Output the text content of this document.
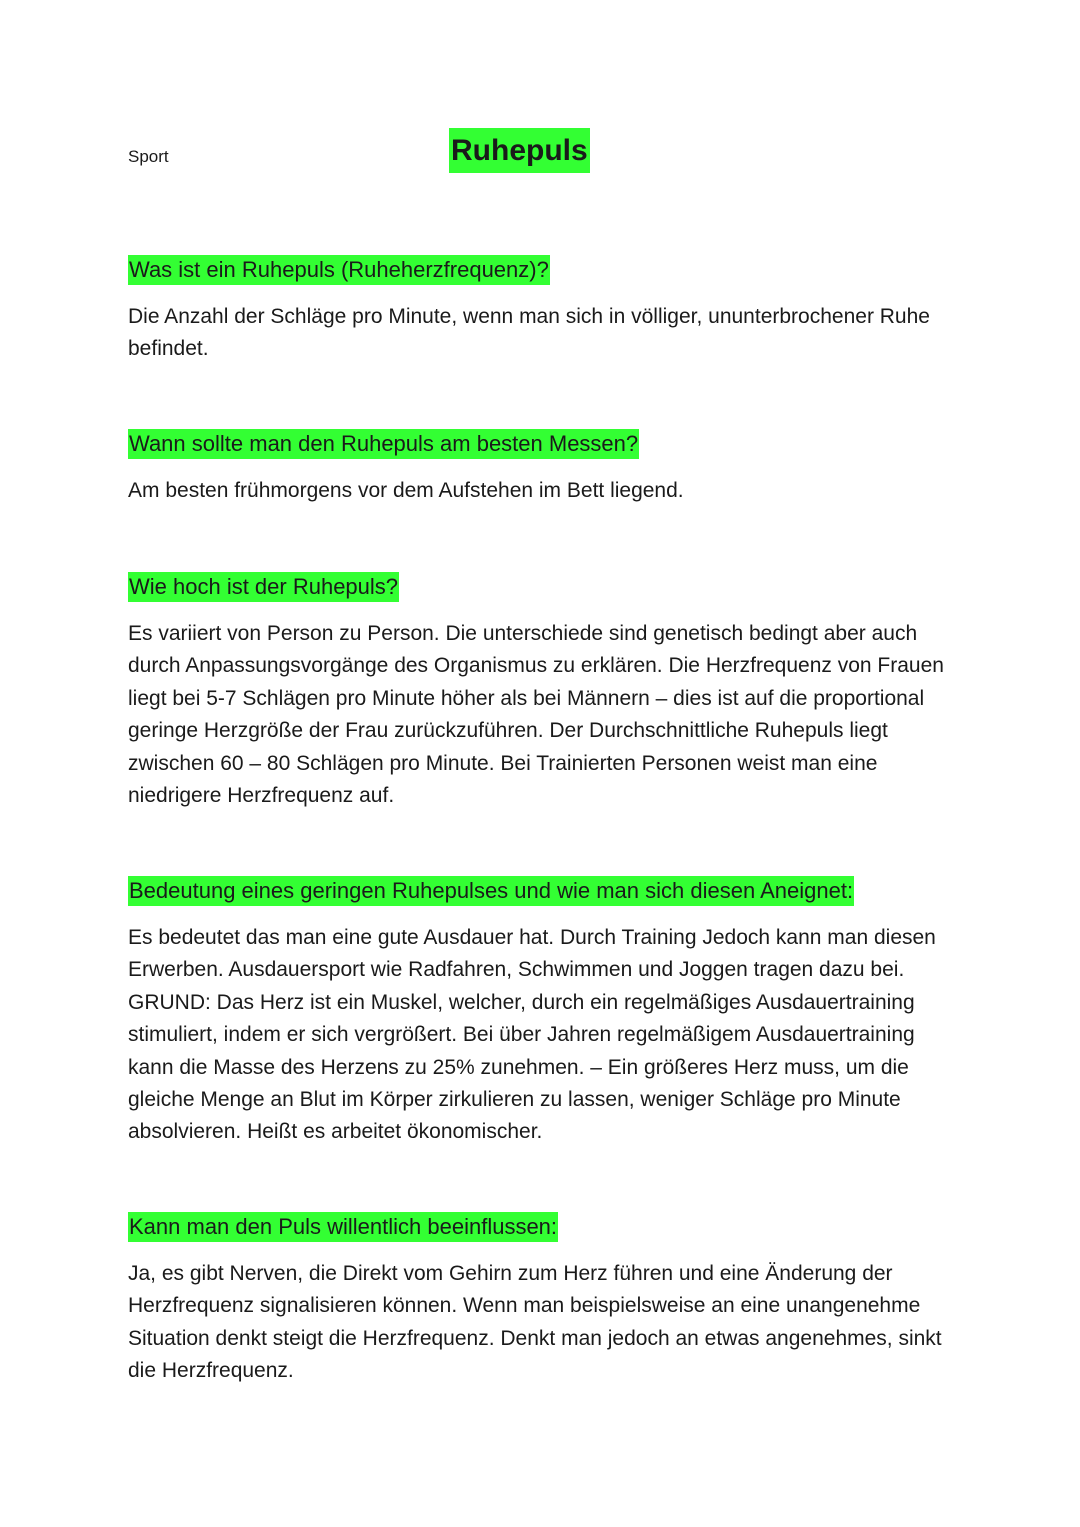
Sport	Ruhepuls
Was ist ein Ruhepuls (Ruheherzfrequenz)?

Die Anzahl der Schläge pro Minute, wenn man sich in völliger, ununterbrochener Ruhe befindet.

Wann sollte man den Ruhepuls am besten Messen?

Am besten frühmorgens vor dem Aufstehen im Bett liegend.

Wie hoch ist der Ruhepuls?

Es variiert von Person zu Person. Die unterschiede sind genetisch bedingt aber auch durch Anpassungsvorgänge des Organismus zu erklären. Die Herzfrequenz von Frauen liegt bei 5-7 Schlägen pro Minute höher als bei Männern – dies ist auf die proportional geringe Herzgröße der Frau zurückzuführen. Der Durchschnittliche Ruhepuls liegt zwischen 60 – 80 Schlägen pro Minute. Bei Trainierten Personen weist man eine niedrigere Herzfrequenz auf.

Bedeutung eines geringen Ruhepulses und wie man sich diesen Aneignet:

Es bedeutet das man eine gute Ausdauer hat. Durch Training Jedoch kann man diesen Erwerben. Ausdauersport wie Radfahren, Schwimmen und Joggen tragen dazu bei. GRUND: Das Herz ist ein Muskel, welcher, durch ein regelmäßiges Ausdauertraining stimuliert, indem er sich vergrößert. Bei über Jahren regelmäßigem Ausdauertraining kann die Masse des Herzens zu 25% zunehmen. – Ein größeres Herz muss, um die gleiche Menge an Blut im Körper zirkulieren zu lassen, weniger Schläge pro Minute absolvieren. Heißt es arbeitet ökonomischer.

Kann man den Puls willentlich beeinflussen:

Ja, es gibt Nerven, die Direkt vom Gehirn zum Herz führen und eine Änderung der Herzfrequenz signalisieren können. Wenn man beispielsweise an eine unangenehme Situation denkt steigt die Herzfrequenz. Denkt man jedoch an etwas angenehmes, sinkt die Herzfrequenz.
